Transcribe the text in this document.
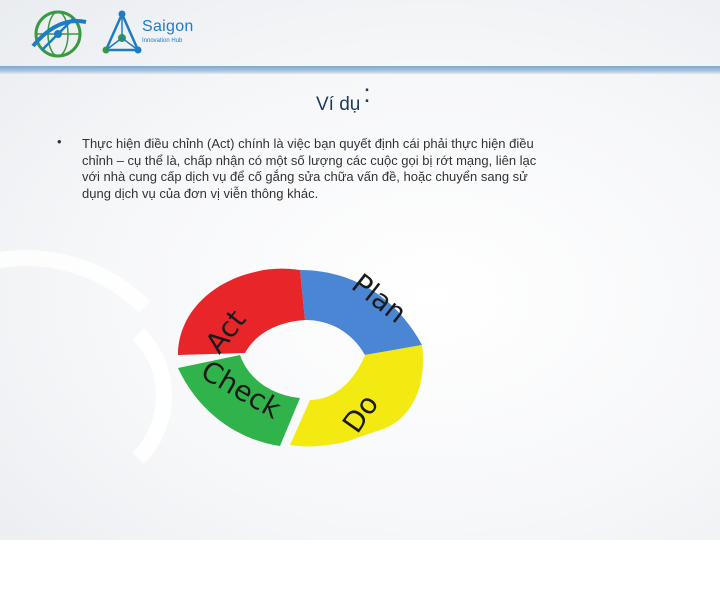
Saigon
Innovation Hub
Ví dụ :
• Thực hiện điều chỉnh (Act) chính là việc bạn quyết định cái phải thực hiện điều chỉnh – cụ thể là, chấp nhận có một số lượng các cuộc gọi bị rớt mạng, liên lạc với nhà cung cấp dịch vụ để cố gắng sửa chữa vấn đề, hoặc chuyển sang sử dụng dịch vụ của đơn vị viễn thông khác.
Plan
Do
Check
Act
